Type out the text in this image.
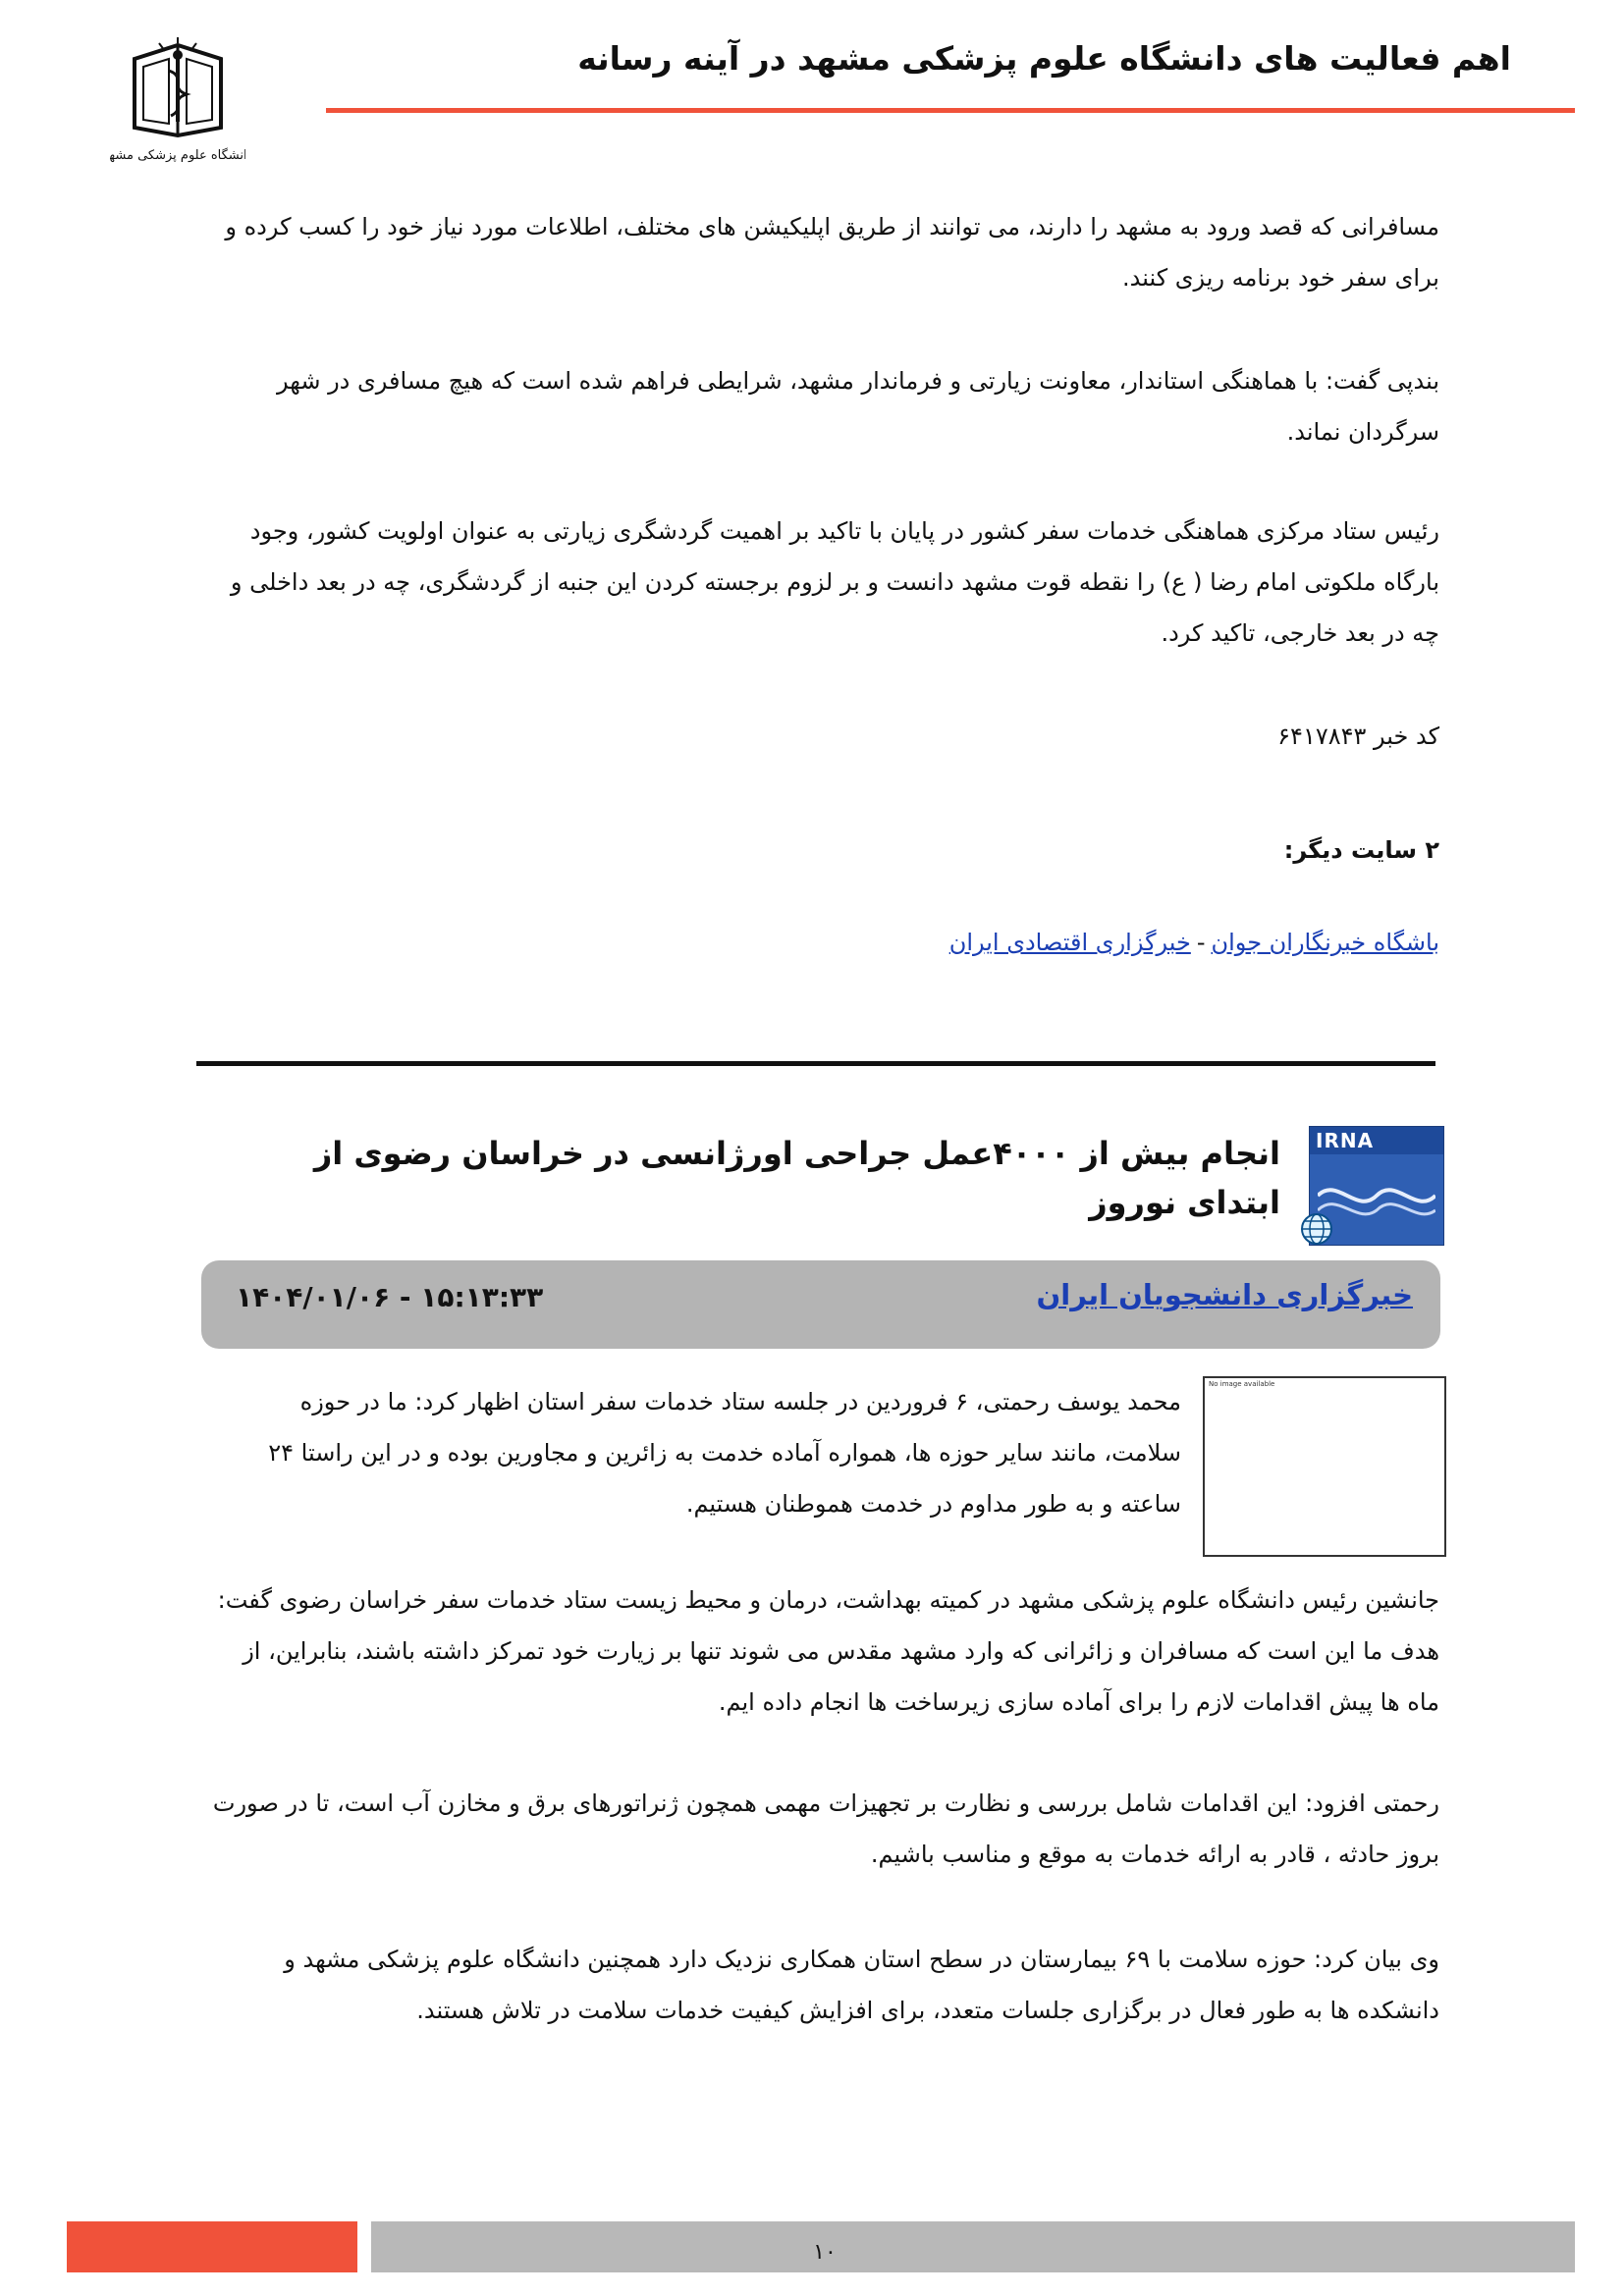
اهم فعالیت های دانشگاه علوم پزشکی مشهد در آینه رسانه
دانشگاه علوم پزشکی مشهد

مسافرانی که قصد ورود به مشهد را دارند، می توانند از طریق اپلیکیشن های مختلف، اطلاعات مورد نیاز خود را کسب کرده و برای سفر خود برنامه ریزی کنند.

بندپی گفت: با هماهنگی استاندار، معاونت زیارتی و فرماندار مشهد، شرایطی فراهم شده است که هیچ مسافری در شهر سرگردان نماند.

رئیس ستاد مرکزی هماهنگی خدمات سفر کشور در پایان با تاکید بر اهمیت گردشگری زیارتی به عنوان اولویت کشور، وجود بارگاه ملکوتی امام رضا ( ع) را نقطه قوت مشهد دانست و بر لزوم برجسته کردن این جنبه از گردشگری، چه در بعد داخلی و چه در بعد خارجی، تاکید کرد.

کد خبر ۶۴۱۷۸۴۳

۲ سایت دیگر:

باشگاه خبرنگاران جوان-خبرگزاری اقتصادی ایران
IRNA
انجام بیش از ۴۰۰۰عمل جراحی اورژانسی در خراسان رضوی از ابتدای نوروز
خبرگزاری دانشجویان ایران
۱۴۰۴/۰۱/۰۶ - ۱۵:۱۳:۳۳
No image available

محمد یوسف رحمتی، ۶ فروردین در جلسه ستاد خدمات سفر استان اظهار کرد: ما در حوزه سلامت، مانند سایر حوزه ها، همواره آماده خدمت به زائرین و مجاورین بوده و در این راستا ۲۴ ساعته و به طور مداوم در خدمت هموطنان هستیم.

جانشین رئیس دانشگاه علوم پزشکی مشهد در کمیته بهداشت، درمان و محیط زیست ستاد خدمات سفر خراسان رضوی گفت: هدف ما این است که مسافران و زائرانی که وارد مشهد مقدس می شوند تنها بر زیارت خود تمرکز داشته باشند، بنابراین، از ماه ها پیش اقدامات لازم را برای آماده سازی زیرساخت ها انجام داده ایم.

رحمتی افزود: این اقدامات شامل بررسی و نظارت بر تجهیزات مهمی همچون ژنراتورهای برق و مخازن آب است، تا در صورت بروز حادثه ، قادر به ارائه خدمات به موقع و مناسب باشیم.

وی بیان کرد: حوزه سلامت با ۶۹ بیمارستان در سطح استان همکاری نزدیک دارد همچنین دانشگاه علوم پزشکی مشهد و دانشکده ها به طور فعال در برگزاری جلسات متعدد، برای افزایش کیفیت خدمات سلامت در تلاش هستند.

۱۰
